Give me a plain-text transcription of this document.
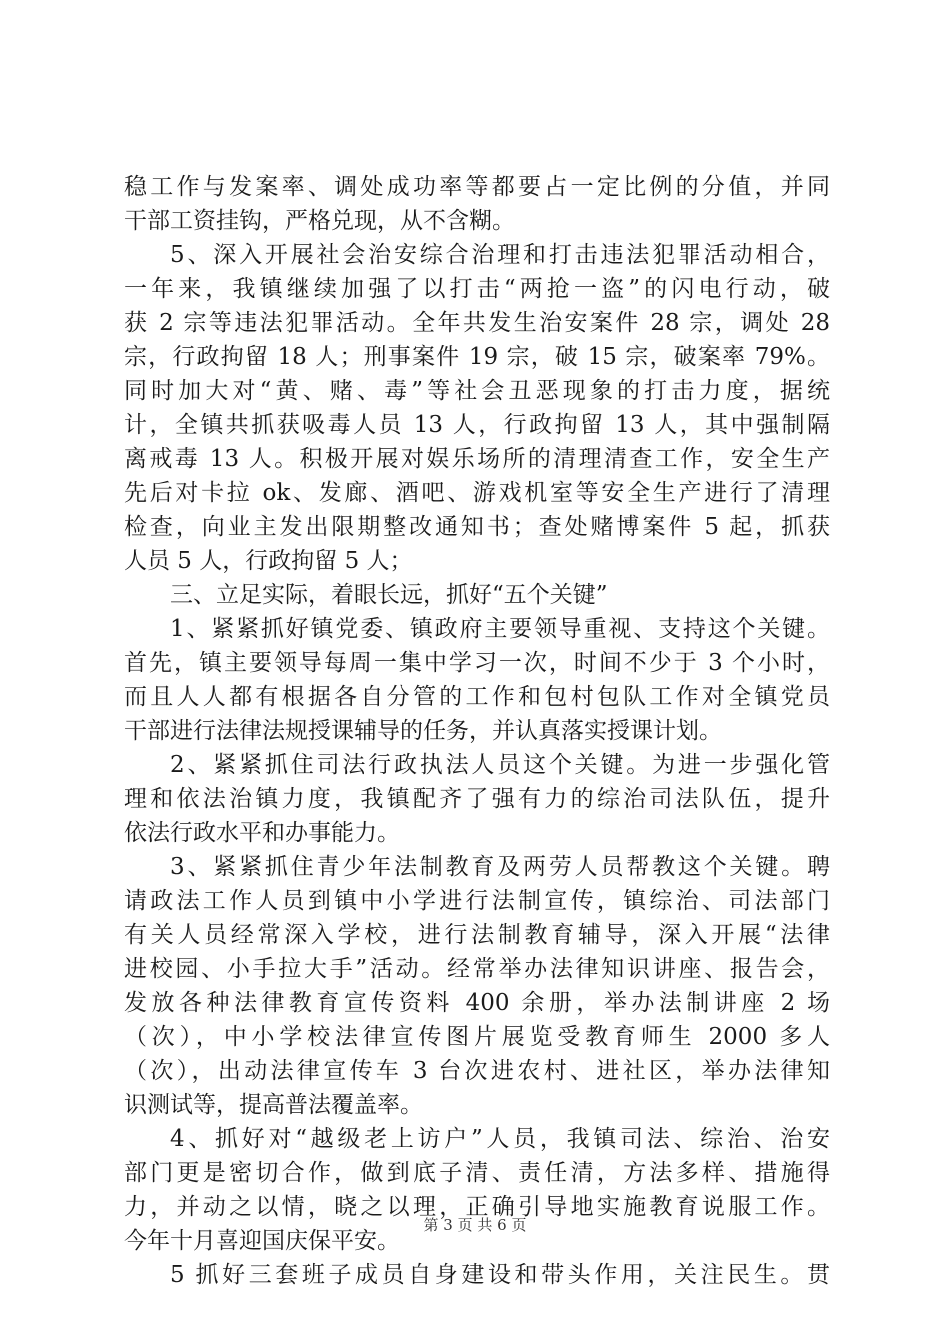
稳工作与发案率、调处成功率等都要占一定比例的分值，并同
干部工资挂钩，严格兑现，从不含糊。
5、深入开展社会治安综合治理和打击违法犯罪活动相合，
一年来，我镇继续加强了以打击“两抢一盗”的闪电行动，破
获 2 宗等违法犯罪活动。全年共发生治安案件 28 宗，调处 28
宗，行政拘留 18 人；刑事案件 19 宗，破 15 宗，破案率 79%。
同时加大对“黄、赌、毒”等社会丑恶现象的打击力度，据统
计，全镇共抓获吸毒人员 13 人，行政拘留 13 人，其中强制隔
离戒毒 13 人。积极开展对娱乐场所的清理清查工作，安全生产
先后对卡拉 ok、发廊、酒吧、游戏机室等安全生产进行了清理
检查，向业主发出限期整改通知书；查处赌博案件 5 起，抓获
人员 5 人，行政拘留 5 人；
三、立足实际，着眼长远，抓好“五个关键”
1、紧紧抓好镇党委、镇政府主要领导重视、支持这个关键。
首先，镇主要领导每周一集中学习一次，时间不少于 3 个小时，
而且人人都有根据各自分管的工作和包村包队工作对全镇党员
干部进行法律法规授课辅导的任务，并认真落实授课计划。
2、紧紧抓住司法行政执法人员这个关键。为进一步强化管
理和依法治镇力度，我镇配齐了强有力的综治司法队伍，提升
依法行政水平和办事能力。
3、紧紧抓住青少年法制教育及两劳人员帮教这个关键。聘
请政法工作人员到镇中小学进行法制宣传，镇综治、司法部门
有关人员经常深入学校，进行法制教育辅导，深入开展“法律
进校园、小手拉大手”活动。经常举办法律知识讲座、报告会，
发放各种法律教育宣传资料 400 余册，举办法制讲座 2 场
（次），中小学校法律宣传图片展览受教育师生 2000 多人
（次），出动法律宣传车 3 台次进农村、进社区，举办法律知
识测试等，提高普法覆盖率。
4、抓好对“越级老上访户”人员，我镇司法、综治、治安
部门更是密切合作，做到底子清、责任清，方法多样、措施得
力，并动之以情，晓之以理，正确引导地实施教育说服工作。
今年十月喜迎国庆保平安。
5 抓好三套班子成员自身建设和带头作用，关注民生。贯
第 3 页 共 6 页
